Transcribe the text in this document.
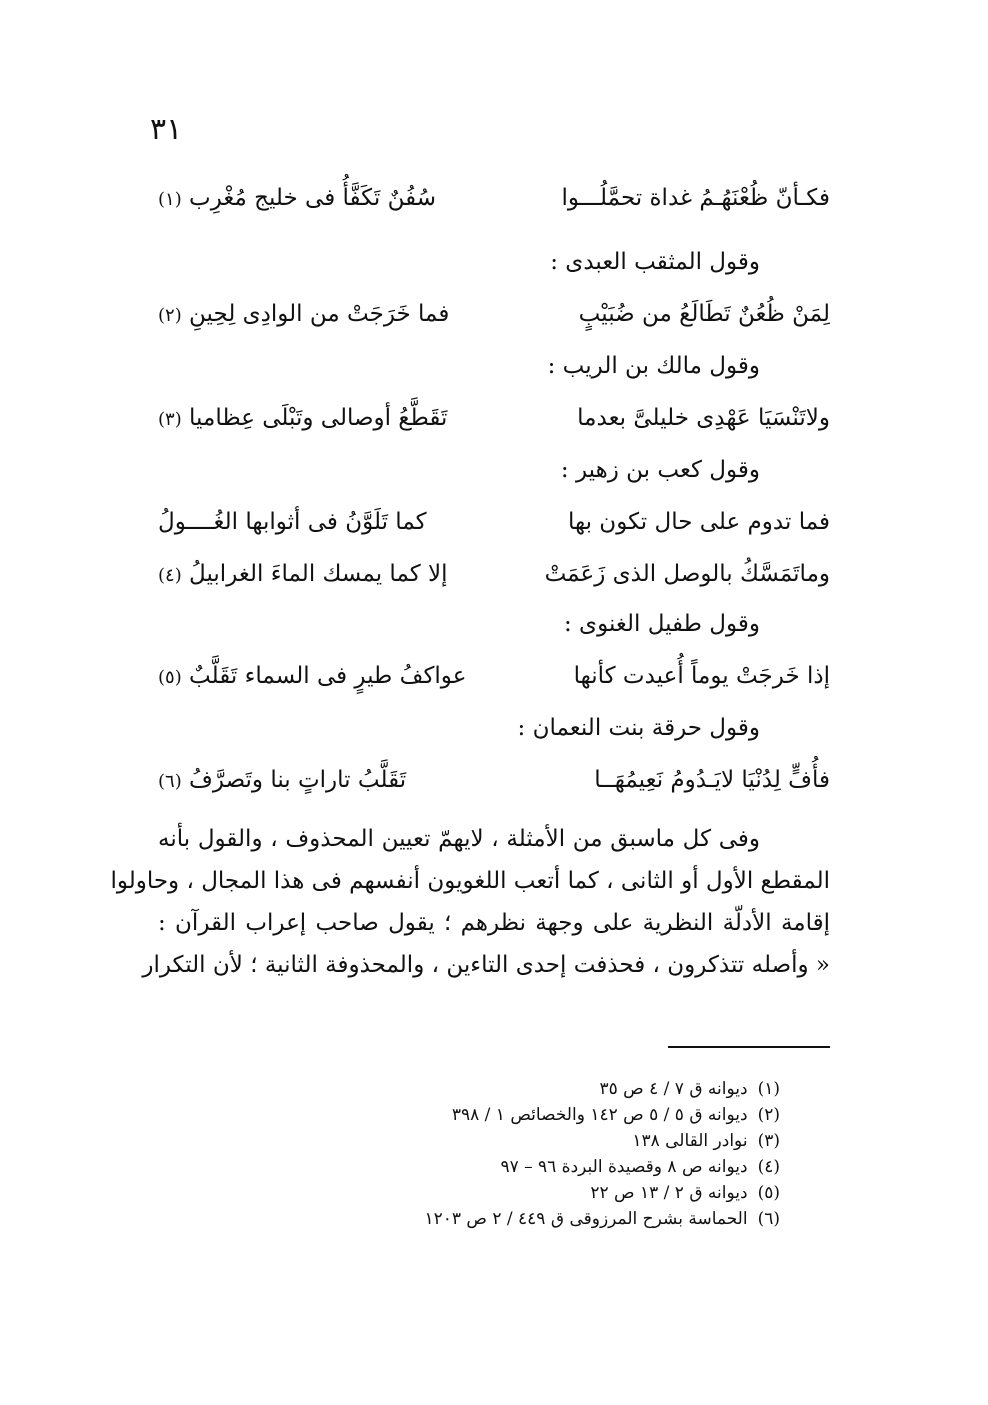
٣١
فكـأنّ ظُعْنَهُـمُ غداة تحمَّلُـــوا
سُفُنٌ تَكَفَّأُ فى خليج مُغْرِب (١)
وقول المثقب العبدى :
لِمَنْ ظُعُنٌ تَطَالَعُ من ضُبَيْبٍ
فما خَرَجَتْ من الوادِى لِحِينِ (٢)
وقول مالك بن الريب :
ولاتَنْسَيَا عَهْدِى خليلىَّ بعدما
تَقَطَّعُ أوصالى وتَبْلَى عِظاميا (٣)
وقول كعب بن زهير :
فما تدوم على حال تكون بها
كما تَلَوَّنُ فى أثوابها الغُــــولُ
وماتَمَسَّكُ بالوصل الذى زَعَمَتْ
إلا كما يمسك الماءَ الغرابيلُ (٤)
وقول طفيل الغنوى :
إذا خَرجَتْ يوماً أُعيدت كأنها
عواكفُ طيرٍ فى السماء تَقَلَّبٌ (٥)
وقول حرقة بنت النعمان :
فأُفٍّ لِدُنْيَا لايَـدُومُ نَعِيمُهَــا
تَقَلَّبُ تاراتٍ بنا وتَصرَّفُ (٦)
وفى كل ماسبق من الأمثلة ، لايهمّ تعيين المحذوف ، والقول بأنه
المقطع الأول أو الثانى ، كما أتعب اللغويون أنفسهم فى هذا المجال ، وحاولوا
إقامة الأدلّة النظرية على وجهة نظرهم ؛ يقول صاحب إعراب القرآن :
« وأصله تتذكرون ، فحذفت إحدى التاءين ، والمحذوفة الثانية ؛ لأن التكرار
(١)ديوانه ق ٧ / ٤ ص ٣٥
(٢)ديوانه ق ٥ / ٥ ص ١٤٢ والخصائص ١ / ٣٩٨
(٣)نوادر القالى ١٣٨
(٤)ديوانه ص ٨ وقصيدة البردة ٩٦ – ٩٧
(٥)ديوانه ق ٢ / ١٣ ص ٢٢
(٦)الحماسة بشرح المرزوقى ق ٤٤٩ / ٢ ص ١٢٠٣
